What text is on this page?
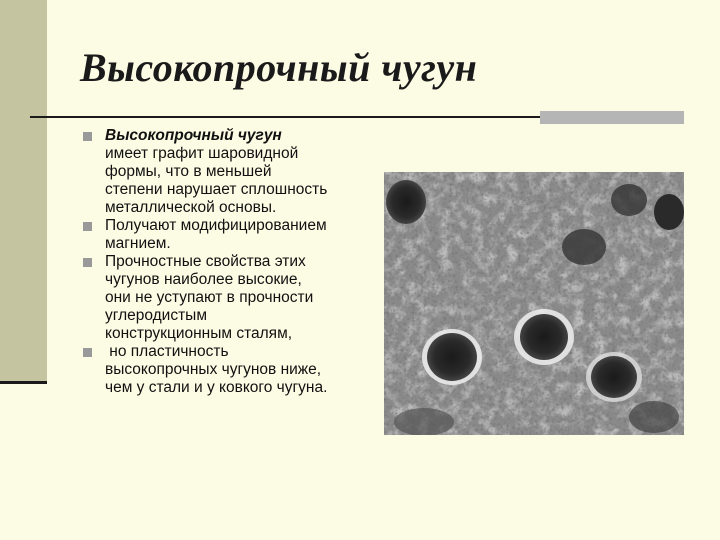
Высокопрочный чугун
Высокопрочный чугун
имеет графит шаровидной
формы, что в меньшей
степени нарушает сплошность
металлической основы.
Получают модифицированием
магнием.
Прочностные свойства этих
чугунов наиболее высокие,
они не уступают в прочности
углеродистым
конструкционным сталям,
но пластичность
высокопрочных чугунов ниже,
чем у стали и у ковкого чугуна.
